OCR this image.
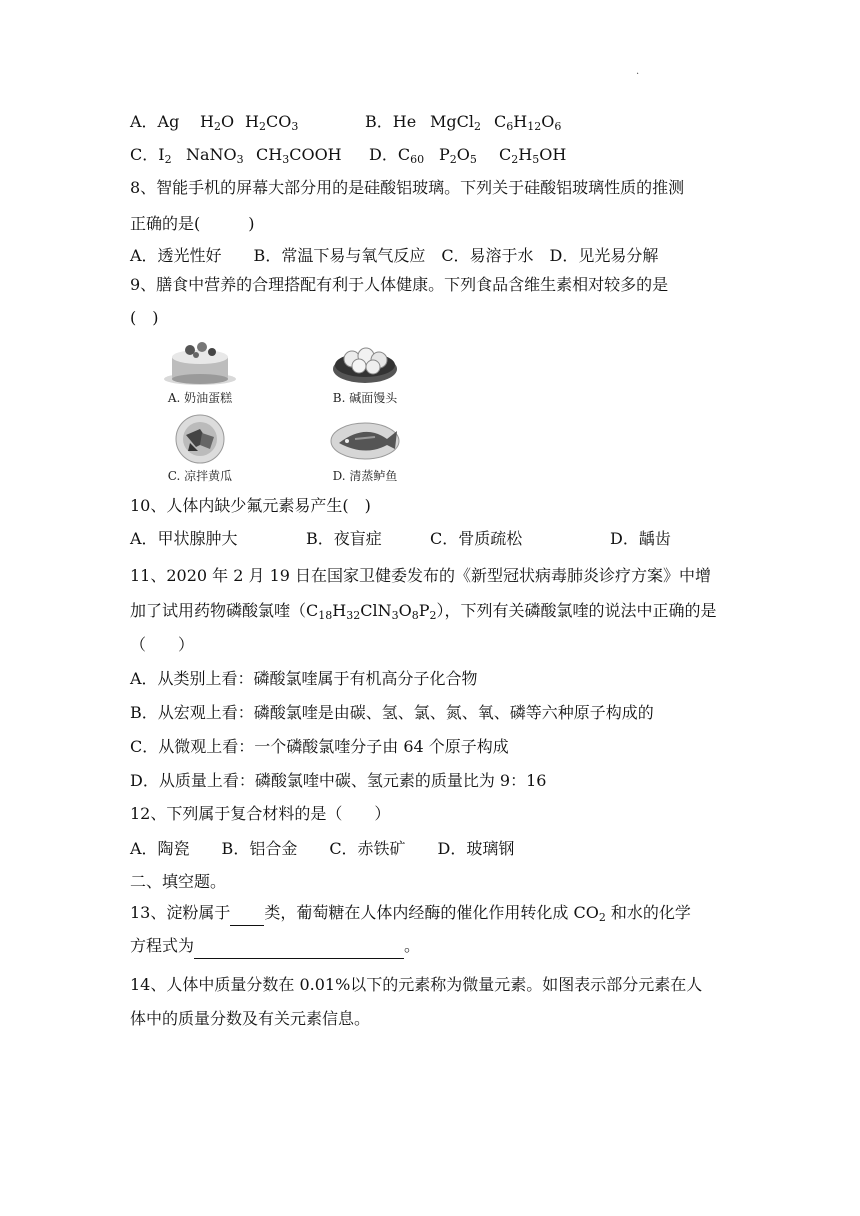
.
A．Ag $H_2O$ $H_2CO_3$	B．He MgCl$_2$ $C_6H_{12}O_6$
C．$I_2$ NaNO$_3$ $CH_3COOH$ D．$C_{60}$ $P_2O_5$ $C_2H_5OH$
8、智能手机的屏幕大部分用的是硅酸铝玻璃。下列关于硅酸铝玻璃性质的推测
正确的是(　　　)
A．透光性好　　B．常温下易与氧气反应　C．易溶于水　D．见光易分解
9、膳食中营养的合理搭配有利于人体健康。下列食品含维生素相对较多的是
(　)
A. 奶油蛋糕	B. 碱面馒头
C. 凉拌黄瓜	D. 清蒸鲈鱼
10、人体内缺少氟元素易产生(　)
A．甲状腺肿大	B．夜盲症	C．骨质疏松	D．龋齿
11、2020 年 2 月 19 日在国家卫健委发布的《新型冠状病毒肺炎诊疗方案》中增
加了试用药物磷酸氯喹$(C_{18}H_{32}ClN_3O_8P_2)$，下列有关磷酸氯喹的说法中正确的是
（　　）
A．从类别上看：磷酸氯喹属于有机高分子化合物
B．从宏观上看：磷酸氯喹是由碳、氢、氯、氮、氧、磷等六种原子构成的
C．从微观上看：一个磷酸氯喹分子由 64 个原子构成
D．从质量上看：磷酸氯喹中碳、氢元素的质量比为 9：16
12、下列属于复合材料的是（　　）
A．陶瓷　　B．铝合金　　C．赤铁矿　　D．玻璃钢
二、填空题。
13、淀粉属于 类，葡萄糖在人体内经酶的催化作用转化成 $CO_2$ 和水的化学
方程式为	。
14、人体中质量分数在 0.01%以下的元素称为微量元素。如图表示部分元素在人
体中的质量分数及有关元素信息。
